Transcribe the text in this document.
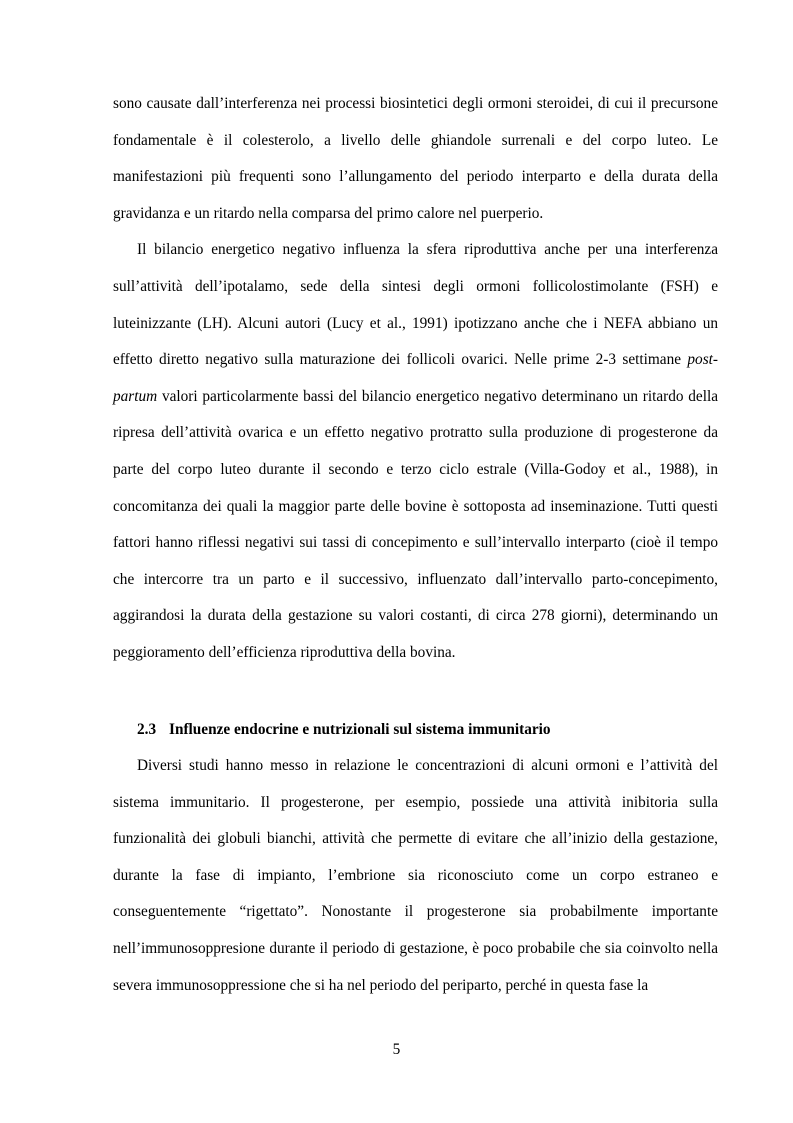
sono causate dall’interferenza nei processi biosintetici degli ormoni steroidei, di cui il precursone fondamentale è il colesterolo, a livello delle ghiandole surrenali e del corpo luteo. Le manifestazioni più frequenti sono l’allungamento del periodo interparto e della durata della gravidanza e un ritardo nella comparsa del primo calore nel puerperio.

Il bilancio energetico negativo influenza la sfera riproduttiva anche per una interferenza sull’attività dell’ipotalamo, sede della sintesi degli ormoni follicolostimolante (FSH) e luteinizzante (LH). Alcuni autori (Lucy et al., 1991) ipotizzano anche che i NEFA abbiano un effetto diretto negativo sulla maturazione dei follicoli ovarici. Nelle prime 2-3 settimane post-partum valori particolarmente bassi del bilancio energetico negativo determinano un ritardo della ripresa dell’attività ovarica e un effetto negativo protratto sulla produzione di progesterone da parte del corpo luteo durante il secondo e terzo ciclo estrale (Villa-Godoy et al., 1988), in concomitanza dei quali la maggior parte delle bovine è sottoposta ad inseminazione. Tutti questi fattori hanno riflessi negativi sui tassi di concepimento e sull’intervallo interparto (cioè il tempo che intercorre tra un parto e il successivo, influenzato dall’intervallo parto-concepimento, aggirandosi la durata della gestazione su valori costanti, di circa 278 giorni), determinando un peggioramento dell’efficienza riproduttiva della bovina.

2.3 Influenze endocrine e nutrizionali sul sistema immunitario

Diversi studi hanno messo in relazione le concentrazioni di alcuni ormoni e l’attività del sistema immunitario. Il progesterone, per esempio, possiede una attività inibitoria sulla funzionalità dei globuli bianchi, attività che permette di evitare che all’inizio della gestazione, durante la fase di impianto, l’embrione sia riconosciuto come un corpo estraneo e conseguentemente “rigettato”. Nonostante il progesterone sia probabilmente importante nell’immunosoppresione durante il periodo di gestazione, è poco probabile che sia coinvolto nella severa immunosoppressione che si ha nel periodo del periparto, perché in questa fase la

5
